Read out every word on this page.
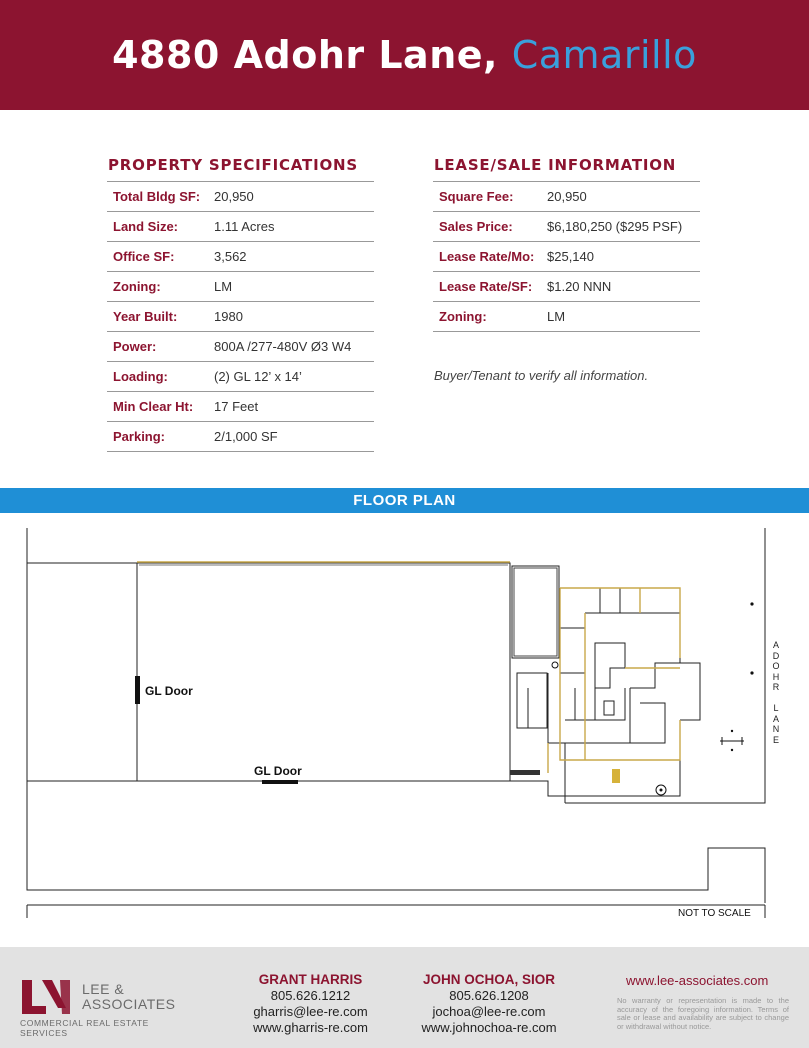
4880 Adohr Lane, Camarillo
PROPERTY SPECIFICATIONS
Total Bldg SF:	20,950
Land Size:	1.11 Acres
Office SF:	3,562
Zoning:	LM
Year Built:	1980
Power:	800A /277-480V Ø3 W4
Loading:	(2) GL 12’ x 14’
Min Clear Ht:	17 Feet
Parking:	2/1,000 SF
LEASE/SALE INFORMATION
Square Fee:	20,950
Sales Price:	$6,180,250 ($295 PSF)
Lease Rate/Mo: $25,140
Lease Rate/SF:	$1.20 NNN
Zoning:	LM
Buyer/Tenant to verify all information.
FLOOR PLAN
GL Door
GL Door
A
D
O
H
R

L
A
N
E
NOT TO SCALE
LEE &
ASSOCIATES
COMMERCIAL REAL ESTATE SERVICES
GRANT HARRIS
805.626.1212
gharris@lee-re.com
www.gharris-re.com
JOHN OCHOA, SIOR
805.626.1208
jochoa@lee-re.com
www.johnochoa-re.com
www.lee-associates.com
No warranty or representation is made to the accuracy of the foregoing information. Terms of sale or lease and availability are subject to change or withdrawal without notice.
